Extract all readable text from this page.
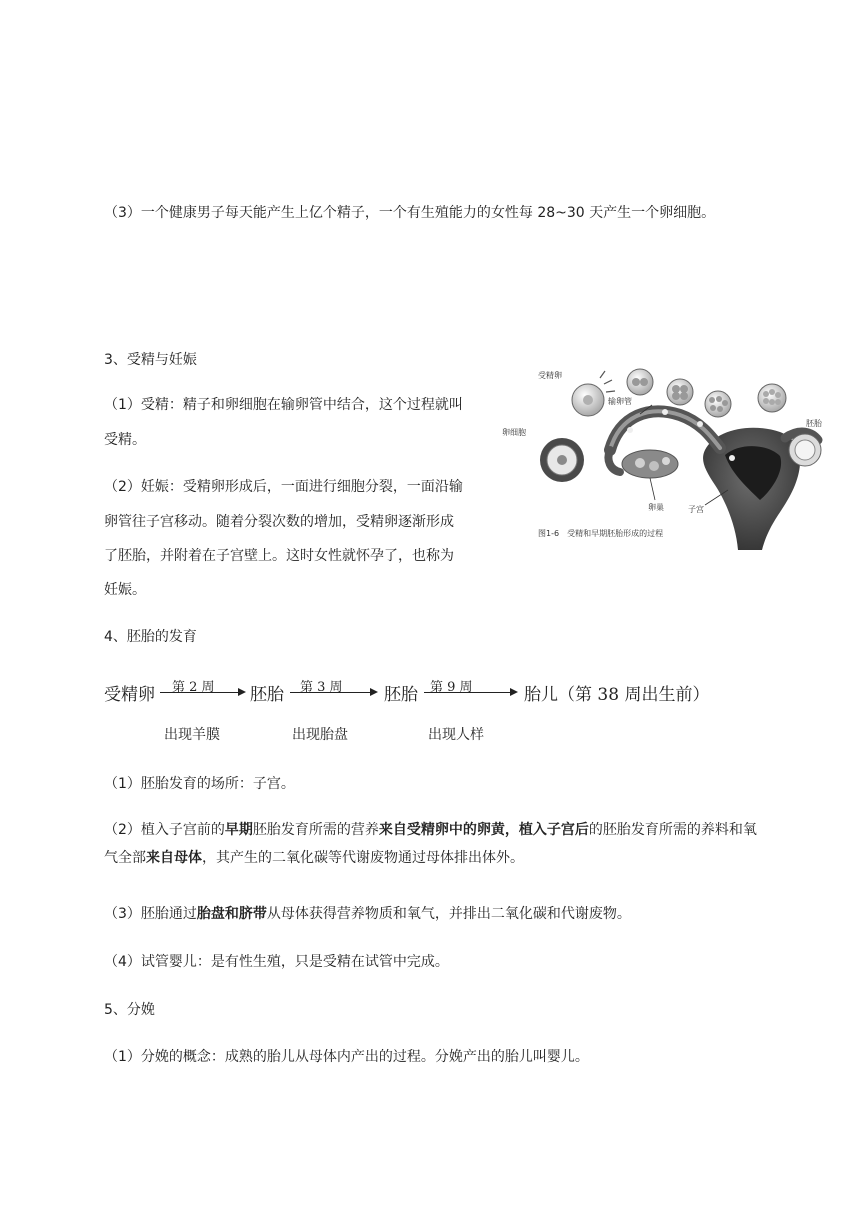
（3）一个健康男子每天能产生上亿个精子，一个有生殖能力的女性每 28~30 天产生一个卵细胞。
3、受精与妊娠
（1）受精：精子和卵细胞在输卵管中结合，这个过程就叫
受精。
（2）妊娠：受精卵形成后，一面进行细胞分裂，一面沿输
卵管往子宫移动。随着分裂次数的增加，受精卵逐渐形成
了胚胎，并附着在子宫壁上。这时女性就怀孕了，也称为
妊娠。
受精卵
输卵管
卵细胞
卵巢	子宫
胚胎
图1-6　受精和早期胚胎形成的过程
4、胚胎的发育
受精卵 第 2 周 胚胎 第 3 周 胚胎 第 9 周	胎儿（第 38 周出生前）
出现羊膜	出现胎盘	出现人样
（1）胚胎发育的场所：子宫。
（2）植入子宫前的早期胚胎发育所需的营养来自受精卵中的卵黄，植入子宫后的胚胎发育所需的养料和氧气全部来自母体，其产生的二氧化碳等代谢废物通过母体排出体外。
（3）胚胎通过胎盘和脐带从母体获得营养物质和氧气，并排出二氧化碳和代谢废物。
（4）试管婴儿：是有性生殖，只是受精在试管中完成。
5、分娩
（1）分娩的概念：成熟的胎儿从母体内产出的过程。分娩产出的胎儿叫婴儿。
